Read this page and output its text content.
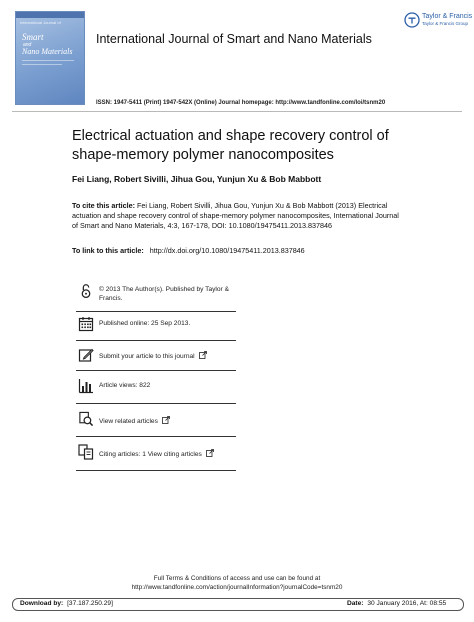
International Journal of
Smart
and
Nano Materials
International Journal of Smart and Nano Materials
Taylor & Francis
Taylor & Francis Group
ISSN: 1947-5411 (Print) 1947-542X (Online) Journal homepage: http://www.tandfonline.com/loi/tsnm20
Electrical actuation and shape recovery control of shape-memory polymer nanocomposites
Fei Liang, Robert Sivilli, Jihua Gou, Yunjun Xu & Bob Mabbott
To cite this article: Fei Liang, Robert Sivilli, Jihua Gou, Yunjun Xu & Bob Mabbott (2013) Electrical actuation and shape recovery control of shape-memory polymer nanocomposites, International Journal of Smart and Nano Materials, 4:3, 167-178, DOI: 10.1080/19475411.2013.837846
To link to this article: http://dx.doi.org/10.1080/19475411.2013.837846
© 2013 The Author(s). Published by Taylor & Francis.
Published online: 25 Sep 2013.
Submit your article to this journal
Article views: 822
View related articles
Citing articles: 1 View citing articles
Full Terms & Conditions of access and use can be found at
http://www.tandfonline.com/action/journalInformation?journalCode=tsnm20
Download by: [37.187.250.29]	Date: 30 January 2016, At: 08:55
